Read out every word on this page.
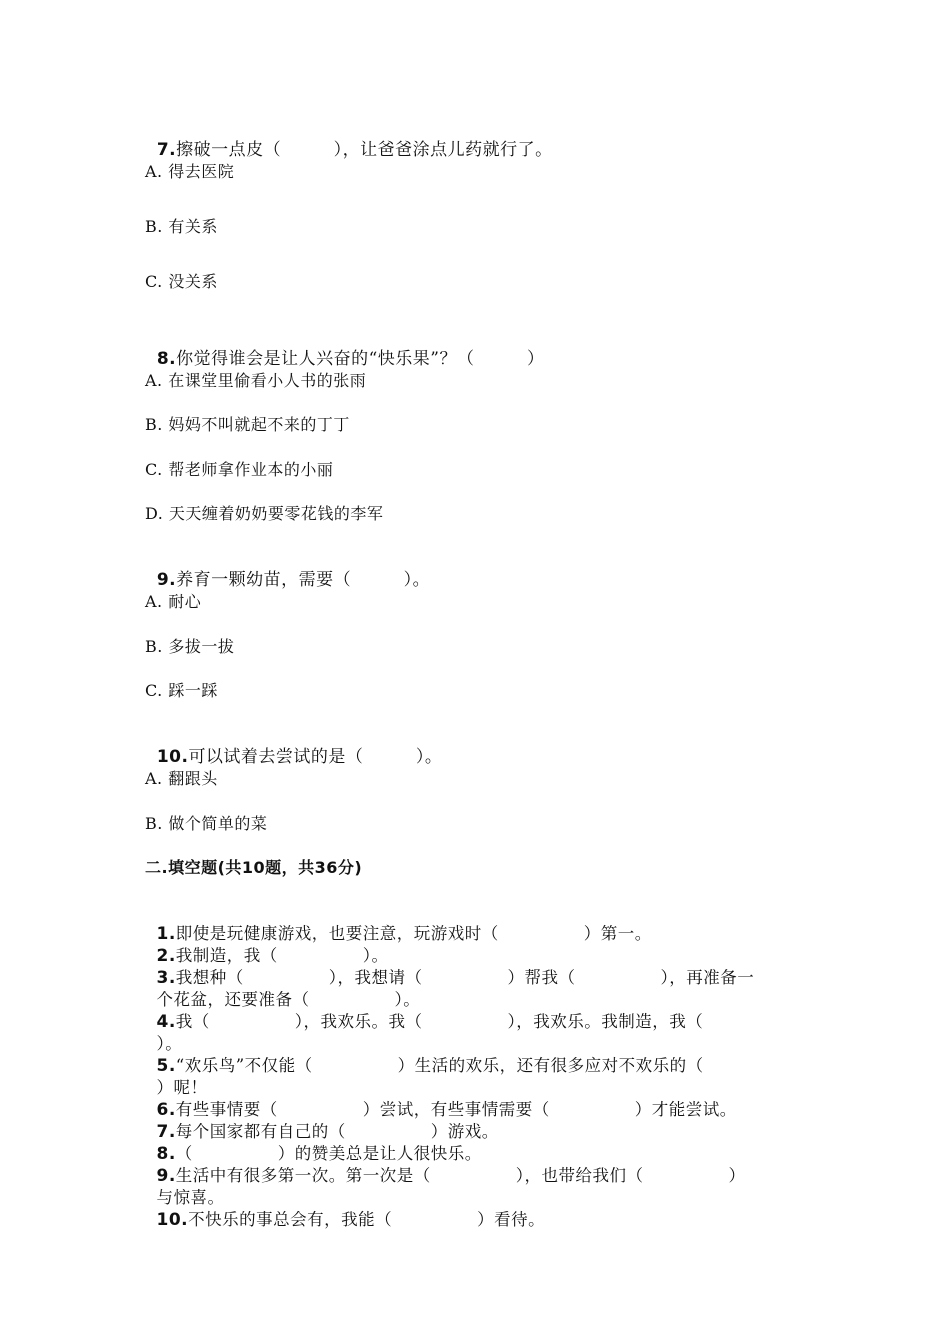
7.擦破一点皮（　　　），让爸爸涂点儿药就行了。

A. 得去医院
B. 有关系
C. 没关系

8.你觉得谁会是让人兴奋的“快乐果”？（　　　）

A. 在课堂里偷看小人书的张雨
B. 妈妈不叫就起不来的丁丁
C. 帮老师拿作业本的小丽
D. 天天缠着奶奶要零花钱的李军

9.养育一颗幼苗，需要（　　　）。

A. 耐心
B. 多拔一拔
C. 踩一踩

10.可以试着去尝试的是（　　　）。

A. 翻跟头
B. 做个简单的菜
二.填空题(共10题，共36分)

1.即使是玩健康游戏，也要注意，玩游戏时（　　　　　）第一。

2.我制造，我（　　　　　）。

3.我想种（　　　　　），我想请（　　　　　）帮我（　　　　　），再准备一

个花盆，还要准备（　　　　　）。

4.我（　　　　　），我欢乐。我（　　　　　），我欢乐。我制造，我（

）。

5.“欢乐鸟”不仅能（　　　　　）生活的欢乐，还有很多应对不欢乐的（

）呢！

6.有些事情要（　　　　　）尝试，有些事情需要（　　　　　）才能尝试。

7.每个国家都有自己的（　　　　　）游戏。

8.（　　　　　）的赞美总是让人很快乐。

9.生活中有很多第一次。第一次是（　　　　　），也带给我们（　　　　　）

与惊喜。

10.不快乐的事总会有，我能（　　　　　）看待。
